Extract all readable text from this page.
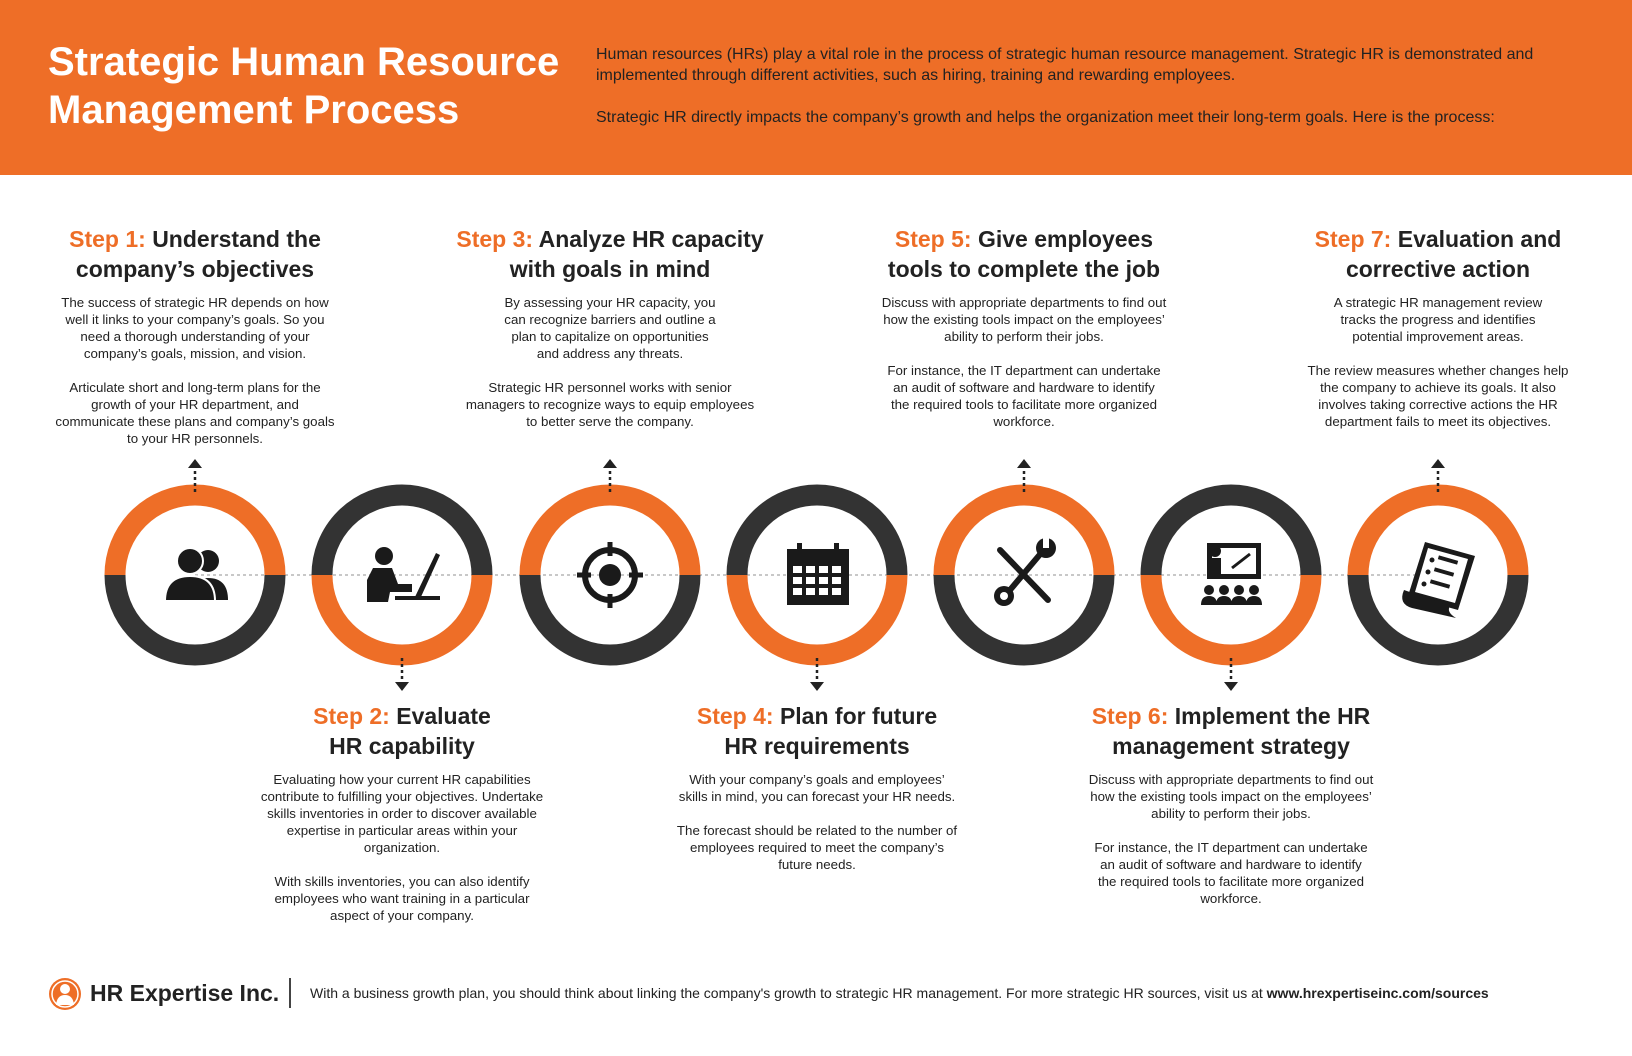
Strategic Human Resource
Management Process

Human resources (HRs) play a vital role in the process of strategic human resource management. Strategic HR is demonstrated and implemented through different activities, such as hiring, training and rewarding employees.

Strategic HR directly impacts the company’s growth and helps the organization meet their long-term goals. Here is the process:

Step 1: Understand the
company’s objectives

The success of strategic HR depends on how well it links to your company’s goals. So you need a thorough understanding of your company’s goals, mission, and vision.

Articulate short and long-term plans for the growth of your HR department, and communicate these plans and company’s goals to your HR personnels.

Step 3: Analyze HR capacity
with goals in mind

By assessing your HR capacity, you can recognize barriers and outline a plan to capitalize on opportunities and address any threats.

Strategic HR personnel works with senior managers to recognize ways to equip employees to better serve the company.

Step 5: Give employees
tools to complete the job

Discuss with appropriate departments to find out how the existing tools impact on the employees’ ability to perform their jobs.

For instance, the IT department can undertake an audit of software and hardware to identify the required tools to facilitate more organized workforce.

Step 7: Evaluation and
corrective action

A strategic HR management review tracks the progress and identifies potential improvement areas.

The review measures whether changes help the company to achieve its goals. It also involves taking corrective actions the HR department fails to meet its objectives.

Step 2: Evaluate
HR capability

Evaluating how your current HR capabilities contribute to fulfilling your objectives. Undertake skills inventories in order to discover available expertise in particular areas within your organization.

With skills inventories, you can also identify employees who want training in a particular aspect of your company.

Step 4: Plan for future
HR requirements

With your company’s goals and employees’ skills in mind, you can forecast your HR needs.

The forecast should be related to the number of employees required to meet the company’s future needs.

Step 6: Implement the HR
management strategy

Discuss with appropriate departments to find out how the existing tools impact on the employees’ ability to perform their jobs.

For instance, the IT department can undertake an audit of software and hardware to identify the required tools to facilitate more organized workforce.

HR Expertise Inc. With a business growth plan, you should think about linking the company's growth to strategic HR management. For more strategic HR sources, visit us at www.hrexpertiseinc.com/sources
